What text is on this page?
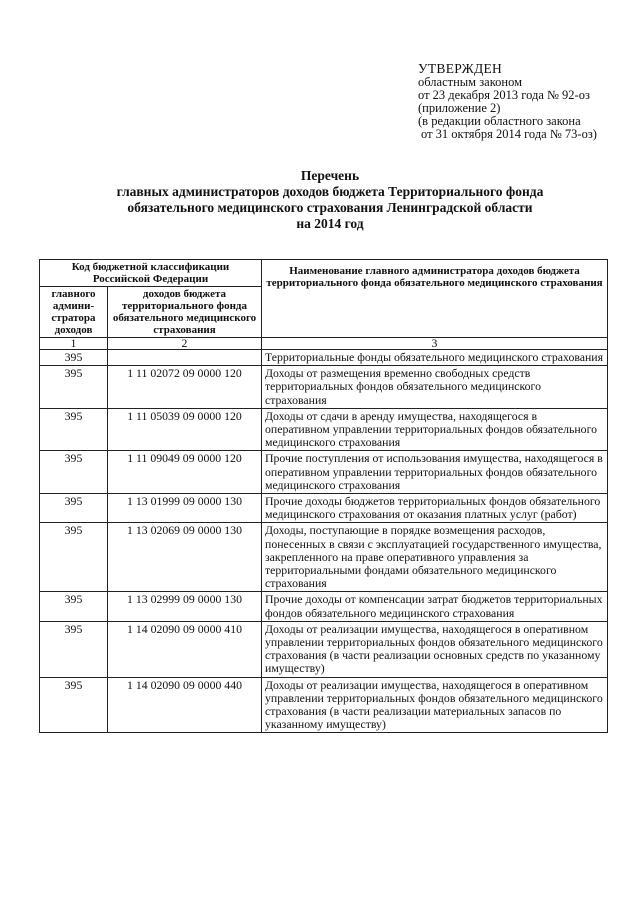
УТВЕРЖДЕН
областным законом
от 23 декабря 2013 года № 92-оз
(приложение 2)
(в редакции областного закона
от 31 октября 2014 года № 73-оз)
Перечень
главных администраторов доходов бюджета Территориального фонда
обязательного медицинского страхования Ленинградской области
на 2014 год
Код бюджетной классификации Российской Федерации		Наименование главного администратора доходов бюджета территориального фонда обязательного медицинского страхования
главного админи-стратора доходов	доходов бюджета территориального фонда обязательного медицинского страхования	
1	2	3
395		Территориальные фонды обязательного медицинского страхования
395	1 11 02072 09 0000 120	Доходы от размещения временно свободных средств территориальных фондов обязательного медицинского страхования
395	1 11 05039 09 0000 120	Доходы от сдачи в аренду имущества, находящегося в оперативном управлении территориальных фондов обязательного медицинского страхования
395	1 11 09049 09 0000 120	Прочие поступления от использования имущества, находящегося в оперативном управлении территориальных фондов обязательного медицинского страхования
395	1 13 01999 09 0000 130	Прочие доходы бюджетов территориальных фондов обязательного медицинского страхования от оказания платных услуг (работ)
395	1 13 02069 09 0000 130	Доходы, поступающие в порядке возмещения расходов, понесенных в связи с эксплуатацией государственного имущества, закрепленного на праве оперативного управления за территориальными фондами обязательного медицинского страхования
395	1 13 02999 09 0000 130	Прочие доходы от компенсации затрат бюджетов территориальных фондов обязательного медицинского страхования
395	1 14 02090 09 0000 410	Доходы от реализации имущества, находящегося в оперативном управлении территориальных фондов обязательного медицинского страхования (в части реализации основных средств по указанному имуществу)
395	1 14 02090 09 0000 440	Доходы от реализации имущества, находящегося в оперативном управлении территориальных фондов обязательного медицинского страхования (в части реализации материальных запасов по указанному имуществу)
